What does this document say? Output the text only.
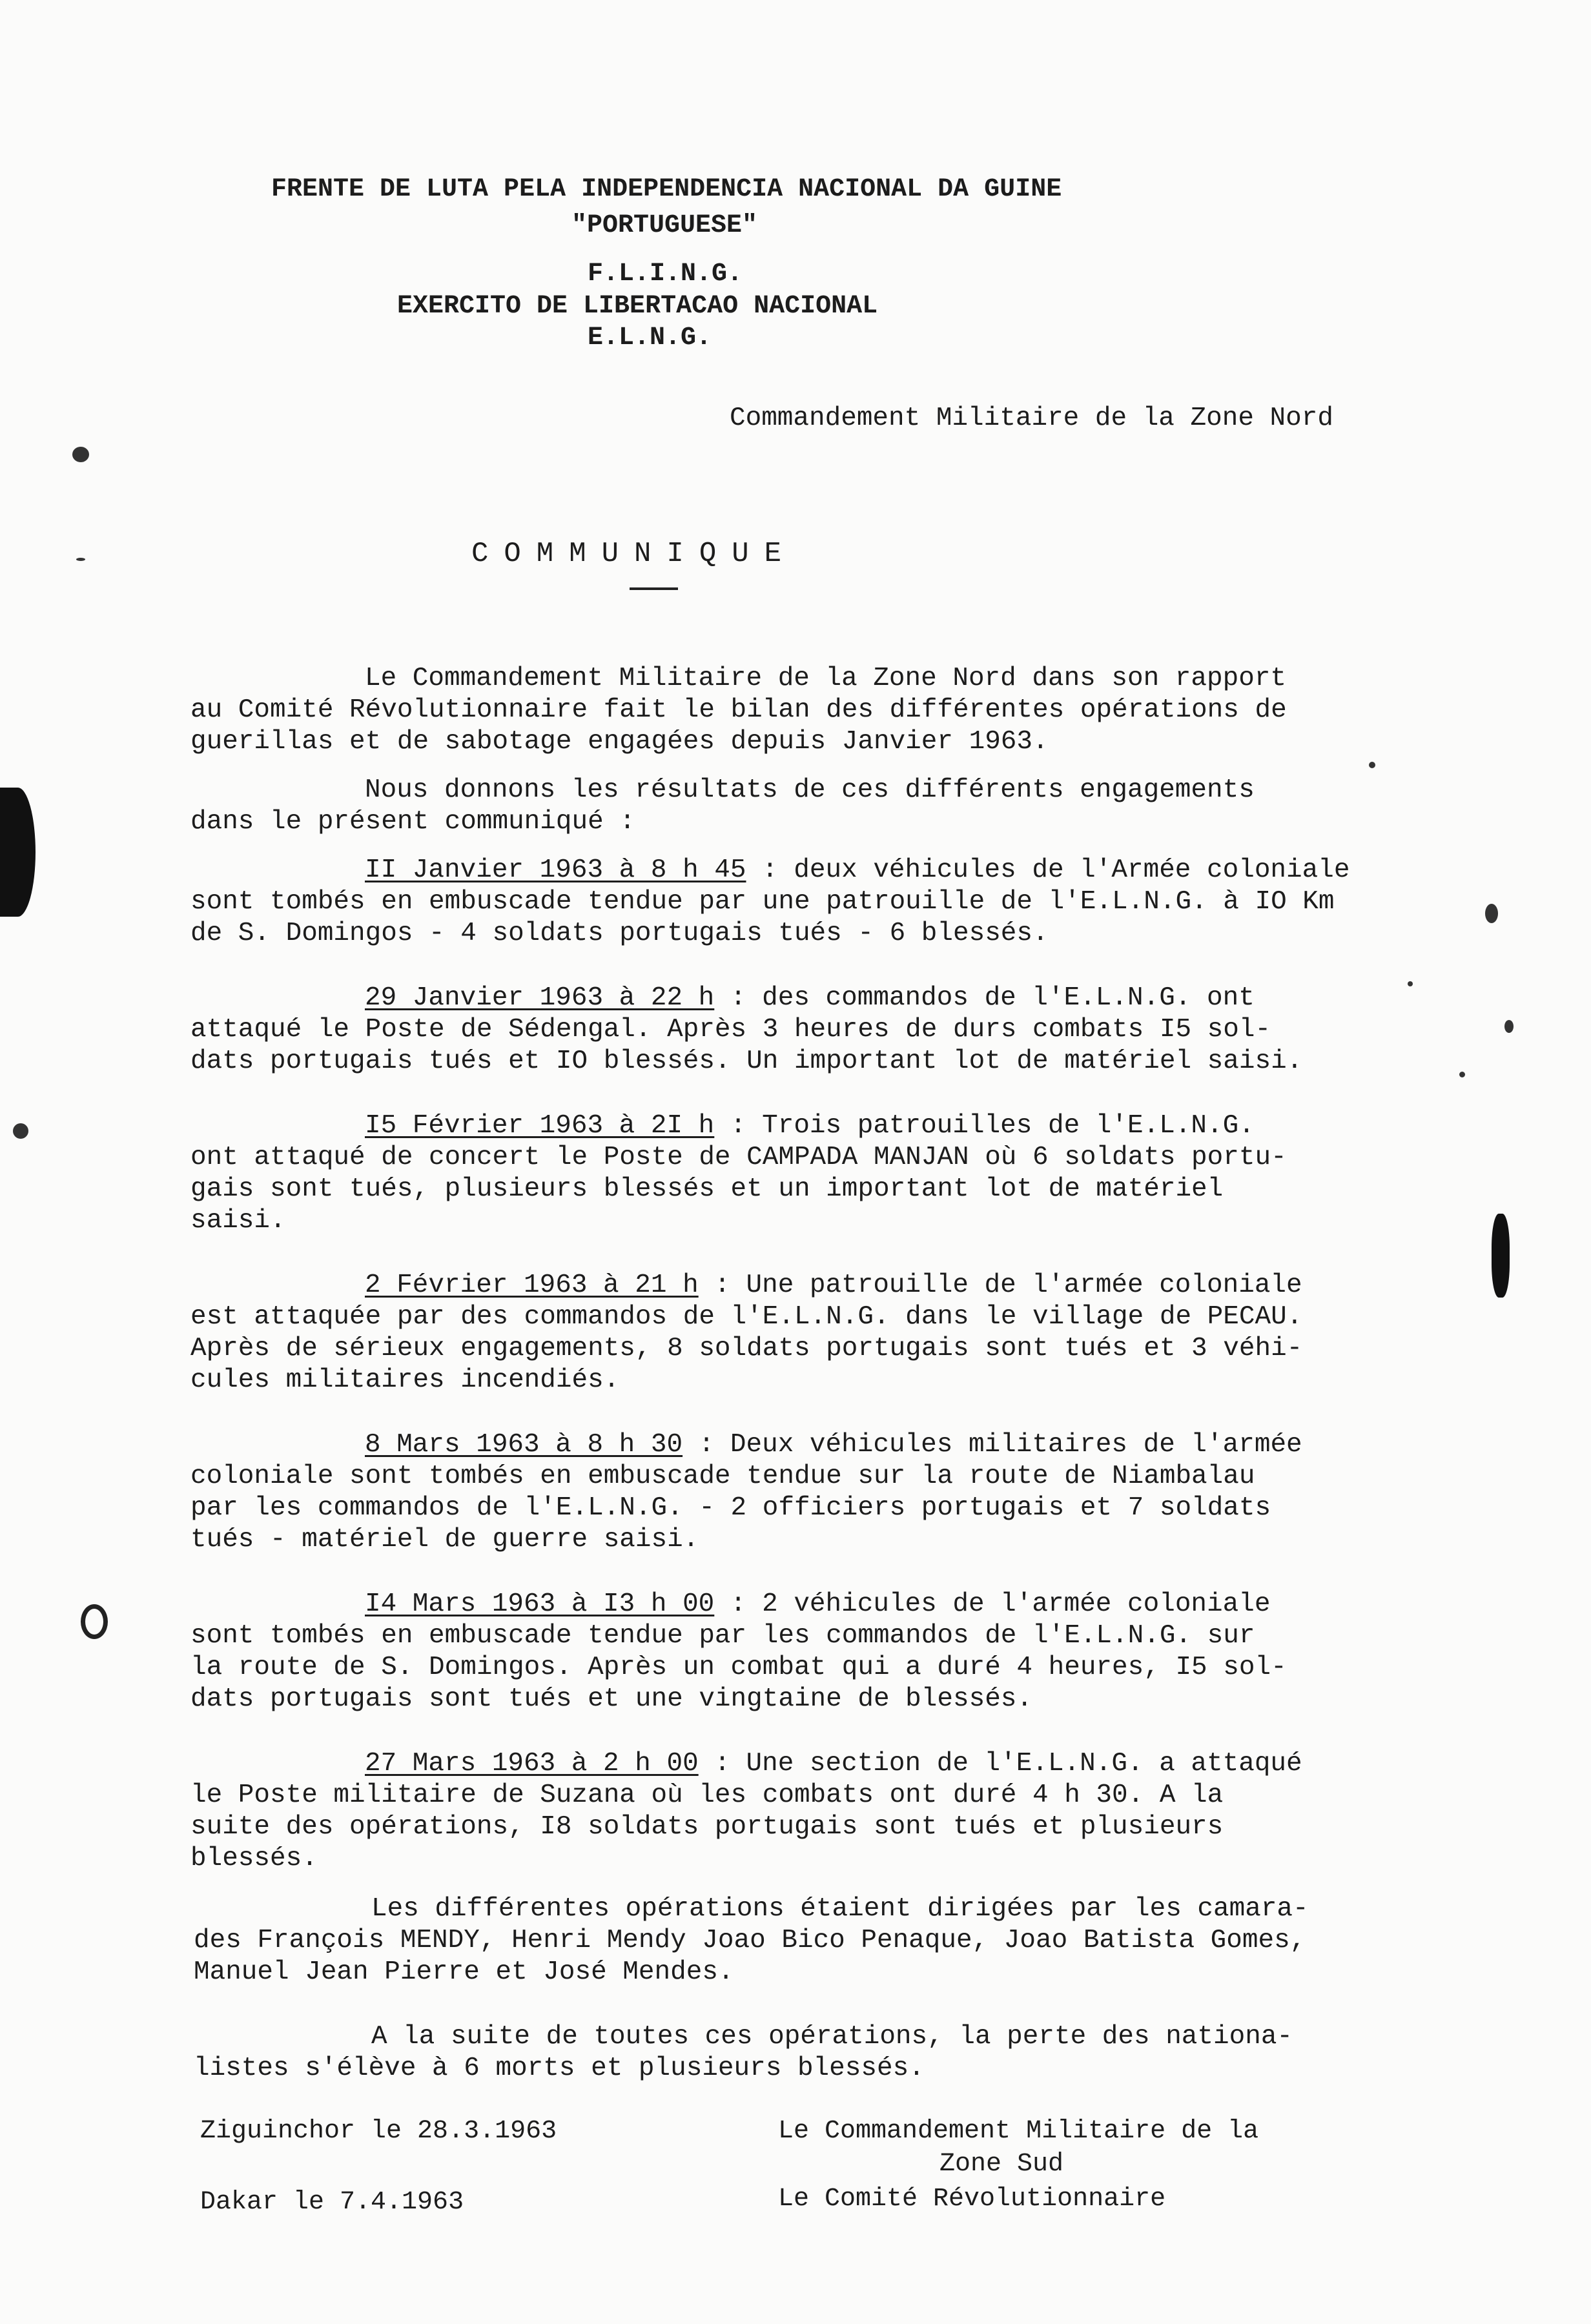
FRENTE DE LUTA PELA INDEPENDENCIA NACIONAL DA GUINE
"PORTUGUESE"
F.L.I.N.G.
EXERCITO DE LIBERTACAO NACIONAL
E.L.N.G.
Commandement Militaire de la Zone Nord
COMMUNIQUE
Le Commandement Militaire de la Zone Nord dans son rapport
au Comité Révolutionnaire fait le bilan des différentes opérations de
guerillas et de sabotage engagées depuis Janvier 1963.
Nous donnons les résultats de ces différents engagements
dans le présent communiqué :
II Janvier 1963 à 8 h 45 : deux véhicules de l'Armée coloniale
sont tombés en embuscade tendue par une patrouille de l'E.L.N.G. à IO Km
de S. Domingos - 4 soldats portugais tués - 6 blessés.
29 Janvier 1963 à 22 h : des commandos de l'E.L.N.G. ont
attaqué le Poste de Sédengal. Après 3 heures de durs combats I5 sol-
dats portugais tués et IO blessés. Un important lot de matériel saisi.
I5 Février 1963 à 2I h : Trois patrouilles de l'E.L.N.G.
ont attaqué de concert le Poste de CAMPADA MANJAN où 6 soldats portu-
gais sont tués, plusieurs blessés et un important lot de matériel
saisi.
2 Février 1963 à 21 h : Une patrouille de l'armée coloniale
est attaquée par des commandos de l'E.L.N.G. dans le village de PECAU.
Après de sérieux engagements, 8 soldats portugais sont tués et 3 véhi-
cules militaires incendiés.
8 Mars 1963 à 8 h 30 : Deux véhicules militaires de l'armée
coloniale sont tombés en embuscade tendue sur la route de Niambalau
par les commandos de l'E.L.N.G. - 2 officiers portugais et 7 soldats
tués - matériel de guerre saisi.
I4 Mars 1963 à I3 h 00 : 2 véhicules de l'armée coloniale
sont tombés en embuscade tendue par les commandos de l'E.L.N.G. sur
la route de S. Domingos. Après un combat qui a duré 4 heures, I5 sol-
dats portugais sont tués et une vingtaine de blessés.
27 Mars 1963 à 2 h 00 : Une section de l'E.L.N.G. a attaqué
le Poste militaire de Suzana où les combats ont duré 4 h 30. A la
suite des opérations, I8 soldats portugais sont tués et plusieurs
blessés.
Les différentes opérations étaient dirigées par les camara-
des François MENDY, Henri Mendy Joao Bico Penaque, Joao Batista Gomes,
Manuel Jean Pierre et José Mendes.
A la suite de toutes ces opérations, la perte des nationa-
listes s'élève à 6 morts et plusieurs blessés.
Ziguinchor le 28.3.1963
Dakar le 7.4.1963
Le Commandement Militaire de la
Zone Sud
Le Comité Révolutionnaire
